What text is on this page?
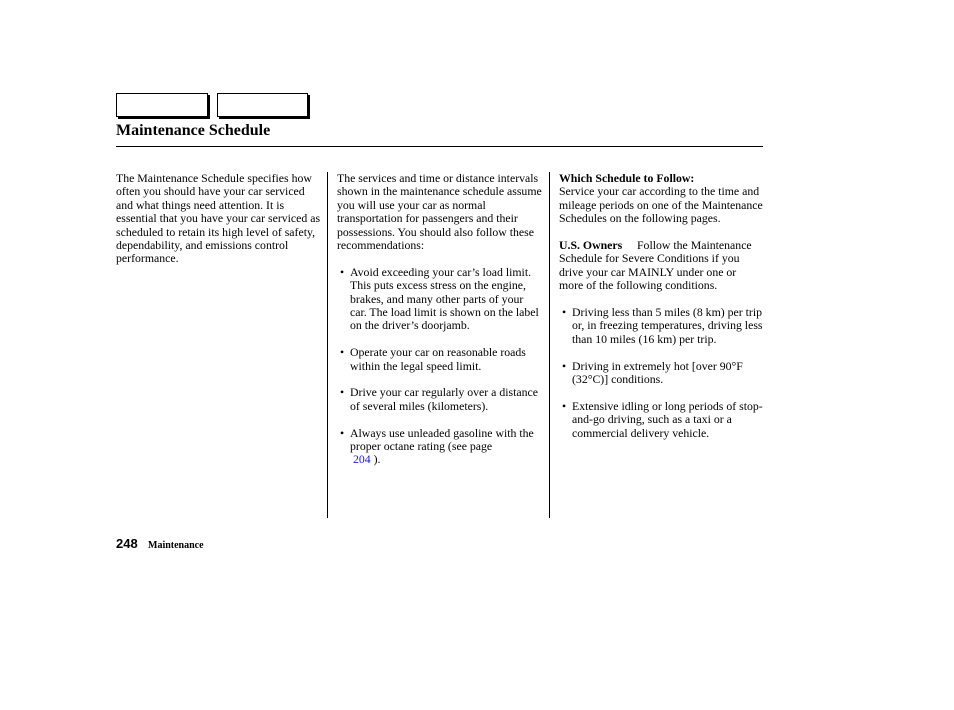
Maintenance Schedule

The Maintenance Schedule specifies how often you should have your car serviced and what things need attention. It is essential that you have your car serviced as scheduled to retain its high level of safety, dependability, and emissions control performance.

The services and time or distance intervals shown in the maintenance schedule assume you will use your car as normal transportation for passengers and their possessions. You should also follow these recommendations:

• Avoid exceeding your car’s load limit. This puts excess stress on the engine, brakes, and many other parts of your car. The load limit is shown on the label on the driver’s doorjamb.
• Operate your car on reasonable roads within the legal speed limit.
• Drive your car regularly over a distance of several miles (kilometers).
• Always use unleaded gasoline with the proper octane rating (see page
204 ).

Which Schedule to Follow:

Service your car according to the time and mileage periods on one of the Maintenance Schedules on the following pages.

U.S. Owners Follow the Maintenance Schedule for Severe Conditions if you drive your car MAINLY under one or more of the following conditions.

• Driving less than 5 miles (8 km) per trip or, in freezing temperatures, driving less than 10 miles (16 km) per trip.
• Driving in extremely hot [over 90°F (32°C)] conditions.
• Extensive idling or long periods of stop-and-go driving, such as a taxi or a commercial delivery vehicle.
248 Maintenance
